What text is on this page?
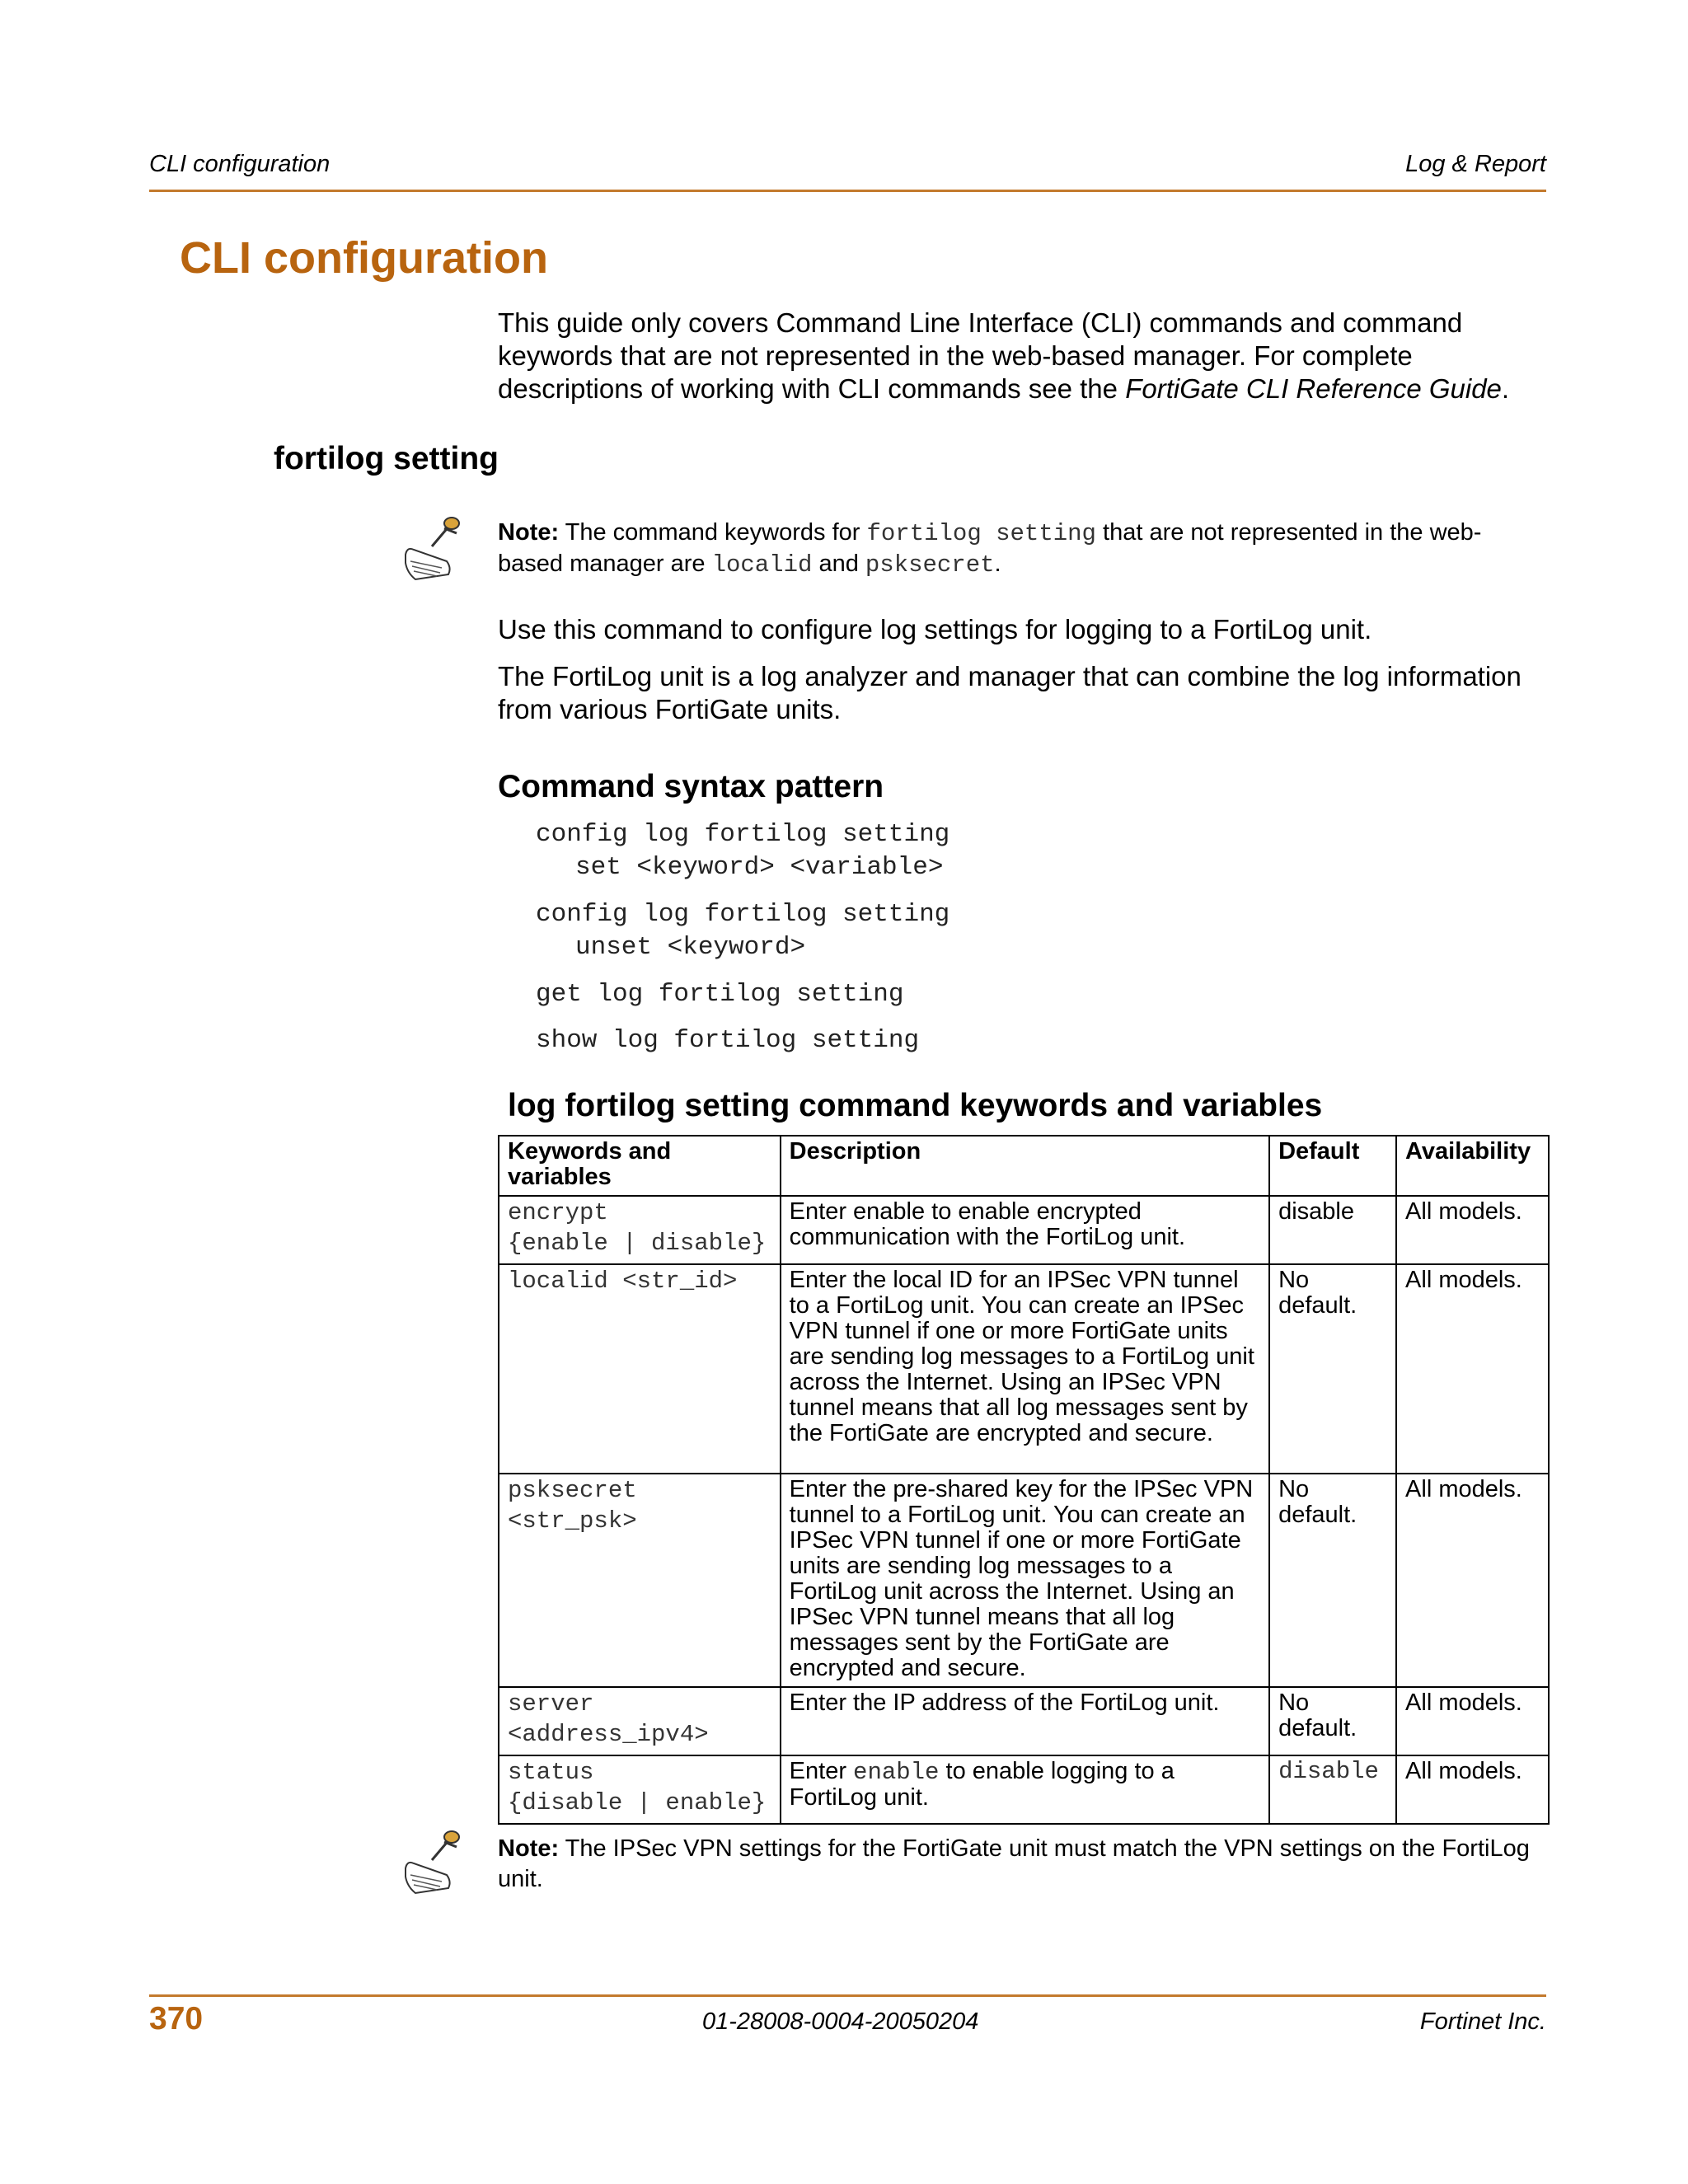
CLI configuration	Log & Report
CLI configuration

This guide only covers Command Line Interface (CLI) commands and command keywords that are not represented in the web-based manager. For complete descriptions of working with CLI commands see the FortiGate CLI Reference Guide.

fortilog setting

Note: The command keywords for fortilog setting that are not represented in the web-based manager are localid and psksecret.

Use this command to configure log settings for logging to a FortiLog unit.

The FortiLog unit is a log analyzer and manager that can combine the log information from various FortiGate units.

Command syntax pattern
config log fortilog setting
set <keyword> <variable>
config log fortilog setting
unset <keyword>
get log fortilog setting
show log fortilog setting
log fortilog setting command keywords and variables
Keywords and variables	Description	Default	Availability

encrypt
{enable | disable}	Enter enable to enable encrypted communication with the FortiLog unit.	disable	All models.

localid <str_id>	Enter the local ID for an IPSec VPN tunnel to a FortiLog unit. You can create an IPSec VPN tunnel if one or more FortiGate units are sending log messages to a FortiLog unit across the Internet. Using an IPSec VPN tunnel means that all log messages sent by the FortiGate are encrypted and secure.	No default.	All models.

psksecret
<str_psk>	Enter the pre-shared key for the IPSec VPN tunnel to a FortiLog unit. You can create an IPSec VPN tunnel if one or more FortiGate units are sending log messages to a FortiLog unit across the Internet. Using an IPSec VPN tunnel means that all log messages sent by the FortiGate are encrypted and secure.	No default.	All models.

server
<address_ipv4>	Enter the IP address of the FortiLog unit.	No default.	All models.

status
{disable | enable}	Enter enable to enable logging to a FortiLog unit.	disable	All models.

Note: The IPSec VPN settings for the FortiGate unit must match the VPN settings on the FortiLog unit.

370	01-28008-0004-20050204	Fortinet Inc.
